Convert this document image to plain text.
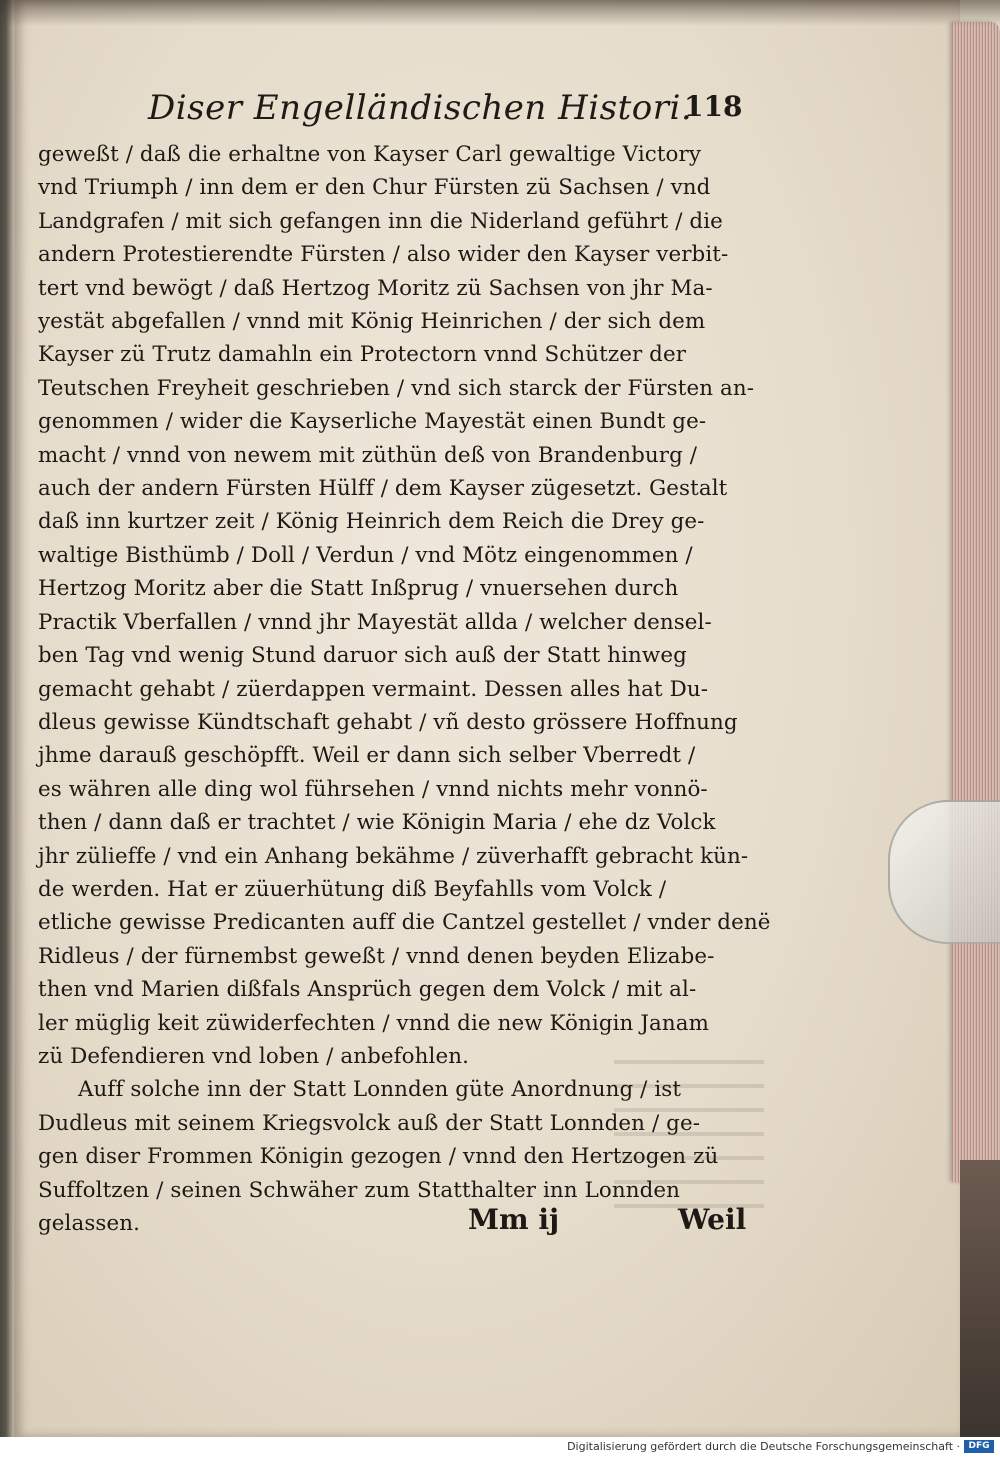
Diser Engelländischen Histori.
118
geweßt / daß die erhaltne von Kayser Carl gewaltige Victory
vnd Triumph / inn dem er den Chur Fürsten zü Sachsen / vnd
Landgrafen / mit sich gefangen inn die Niderland geführt / die
andern Protestierendte Fürsten / also wider den Kayser verbit-
tert vnd bewögt / daß Hertzog Moritz zü Sachsen von jhr Ma-
yestät abgefallen / vnnd mit König Heinrichen / der sich dem
Kayser zü Trutz damahln ein Protectorn vnnd Schützer der
Teutschen Freyheit geschrieben / vnd sich starck der Fürsten an-
genommen / wider die Kayserliche Mayestät einen Bundt ge-
macht / vnnd von newem mit züthün deß von Brandenburg /
auch der andern Fürsten Hülff / dem Kayser zügesetzt. Gestalt
daß inn kurtzer zeit / König Heinrich dem Reich die Drey ge-
waltige Bisthümb / Doll / Verdun / vnd Mötz eingenommen /
Hertzog Moritz aber die Statt Inßprug / vnuersehen durch
Practik Vberfallen / vnnd jhr Mayestät allda / welcher densel-
ben Tag vnd wenig Stund daruor sich auß der Statt hinweg
gemacht gehabt / züerdappen vermaint. Dessen alles hat Du-
dleus gewisse Kündtschaft gehabt / vñ desto grössere Hoffnung
jhme darauß geschöpfft. Weil er dann sich selber Vberredt /
es währen alle ding wol führsehen / vnnd nichts mehr vonnö-
then / dann daß er trachtet / wie Königin Maria / ehe dz Volck
jhr zülieffe / vnd ein Anhang bekähme / züverhafft gebracht kün-
de werden. Hat er züuerhütung diß Beyfahlls vom Volck /
etliche gewisse Predicanten auff die Cantzel gestellet / vnder denë
Ridleus / der fürnembst geweßt / vnnd denen beyden Elizabe-
then vnd Marien dißfals Ansprüch gegen dem Volck / mit al-
ler müglig keit züwiderfechten / vnnd die new Königin Janam
zü Defendieren vnd loben / anbefohlen.
Auff solche inn der Statt Lonnden güte Anordnung / ist
Dudleus mit seinem Kriegsvolck auß der Statt Lonnden / ge-
gen diser Frommen Königin gezogen / vnnd den Hertzogen zü
Suffoltzen / seinen Schwäher zum Statthalter inn Lonnden
gelassen.	Mm ij	Weil
Digitalisierung gefördert durch die Deutsche Forschungsgemeinschaft · DFG
